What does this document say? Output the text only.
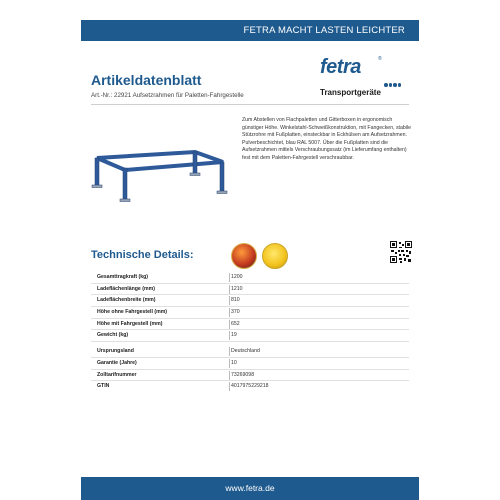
FETRA MACHT LASTEN LEICHTER
Artikeldatenblatt
Art.-Nr.: 22921 Aufsetzrahmen für Paletten-Fahrgestelle
fetra	®
Transportgeräte
Zum Abstellen von Flachpaletten und Gitterboxen in ergonomisch günstiger Höhe. Winkelstahl-Schweißkonstruktion, mit Fangecken, stabile Stützrohre mit Fußplatten, einsteckbar in Eckhülsen am Aufsetzrahmen. Pulverbeschichtet, blau RAL 5007. Über die Fußplatten sind die Aufsetzrahmen mittels Verschraubungssatz (im Lieferumfang enthalten) fest mit dem Paletten-Fahrgestell verschraubbar.
Technische Details:
Gesamttragkraft (kg)	1200
Ladeflächenlänge (mm)	1210
Ladeflächenbreite (mm)	810
Höhe ohne Fahrgestell (mm)	370
Höhe mit Fahrgestell (mm)	652
Gewicht (kg)	19
Ursprungsland	Deutschland
Garantie (Jahre)	10
Zolltarifnummer	73269098
GTIN	4017975229218
www.fetra.de
